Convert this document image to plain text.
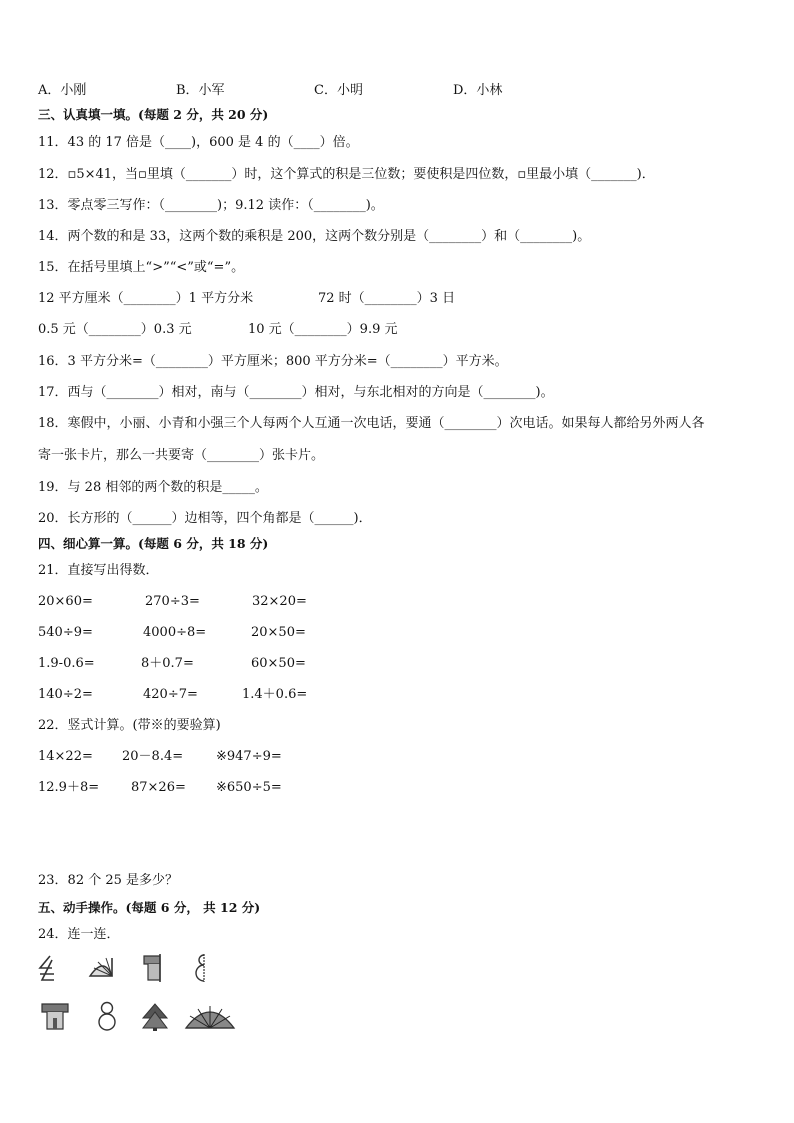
A．小刚	B．小军	C．小明	D．小林
三、认真填一填。(每题 2 分，共 20 分)
11．43 的 17 倍是（____)，600 是 4 的（____）倍。
12．▫5×41，当▫里填（_______）时，这个算式的积是三位数；要使积是四位数，▫里最小填（_______)．
13．零点零三写作：（________)；9.12 读作：（________)。
14．两个数的和是 33，这两个数的乘积是 200，这两个数分别是（________）和（________)。
15．在括号里填上“>”“<”或“=”。
12 平方厘米（________）1 平方分米	72 时（________）3 日
0.5 元（________）0.3 元	10 元（________）9.9 元
16．3 平方分米=（________）平方厘米；800 平方分米=（________）平方米。
17．西与（________）相对，南与（________）相对，与东北相对的方向是（________)。
18．寒假中，小丽、小青和小强三个人每两个人互通一次电话，要通（________）次电话。如果每人都给另外两人各
寄一张卡片，那么一共要寄（________）张卡片。
19．与 28 相邻的两个数的积是_____。
20．长方形的（______）边相等，四个角都是（______)．
四、细心算一算。(每题 6 分，共 18 分)
21．直接写出得数．
20×60=	270÷3=	32×20=
540÷9=	4000÷8=	20×50=
1.9-0.6=	8＋0.7=	60×50=
140÷2=	420÷7=	1.4＋0.6=
22．竖式计算。(带※的要验算)
14×22= 20－8.4=	※947÷9=
12.9＋8= 87×26= ※650÷5=
23．82 个 25 是多少？
五、动手操作。(每题 6 分， 共 12 分)
24．连一连．
